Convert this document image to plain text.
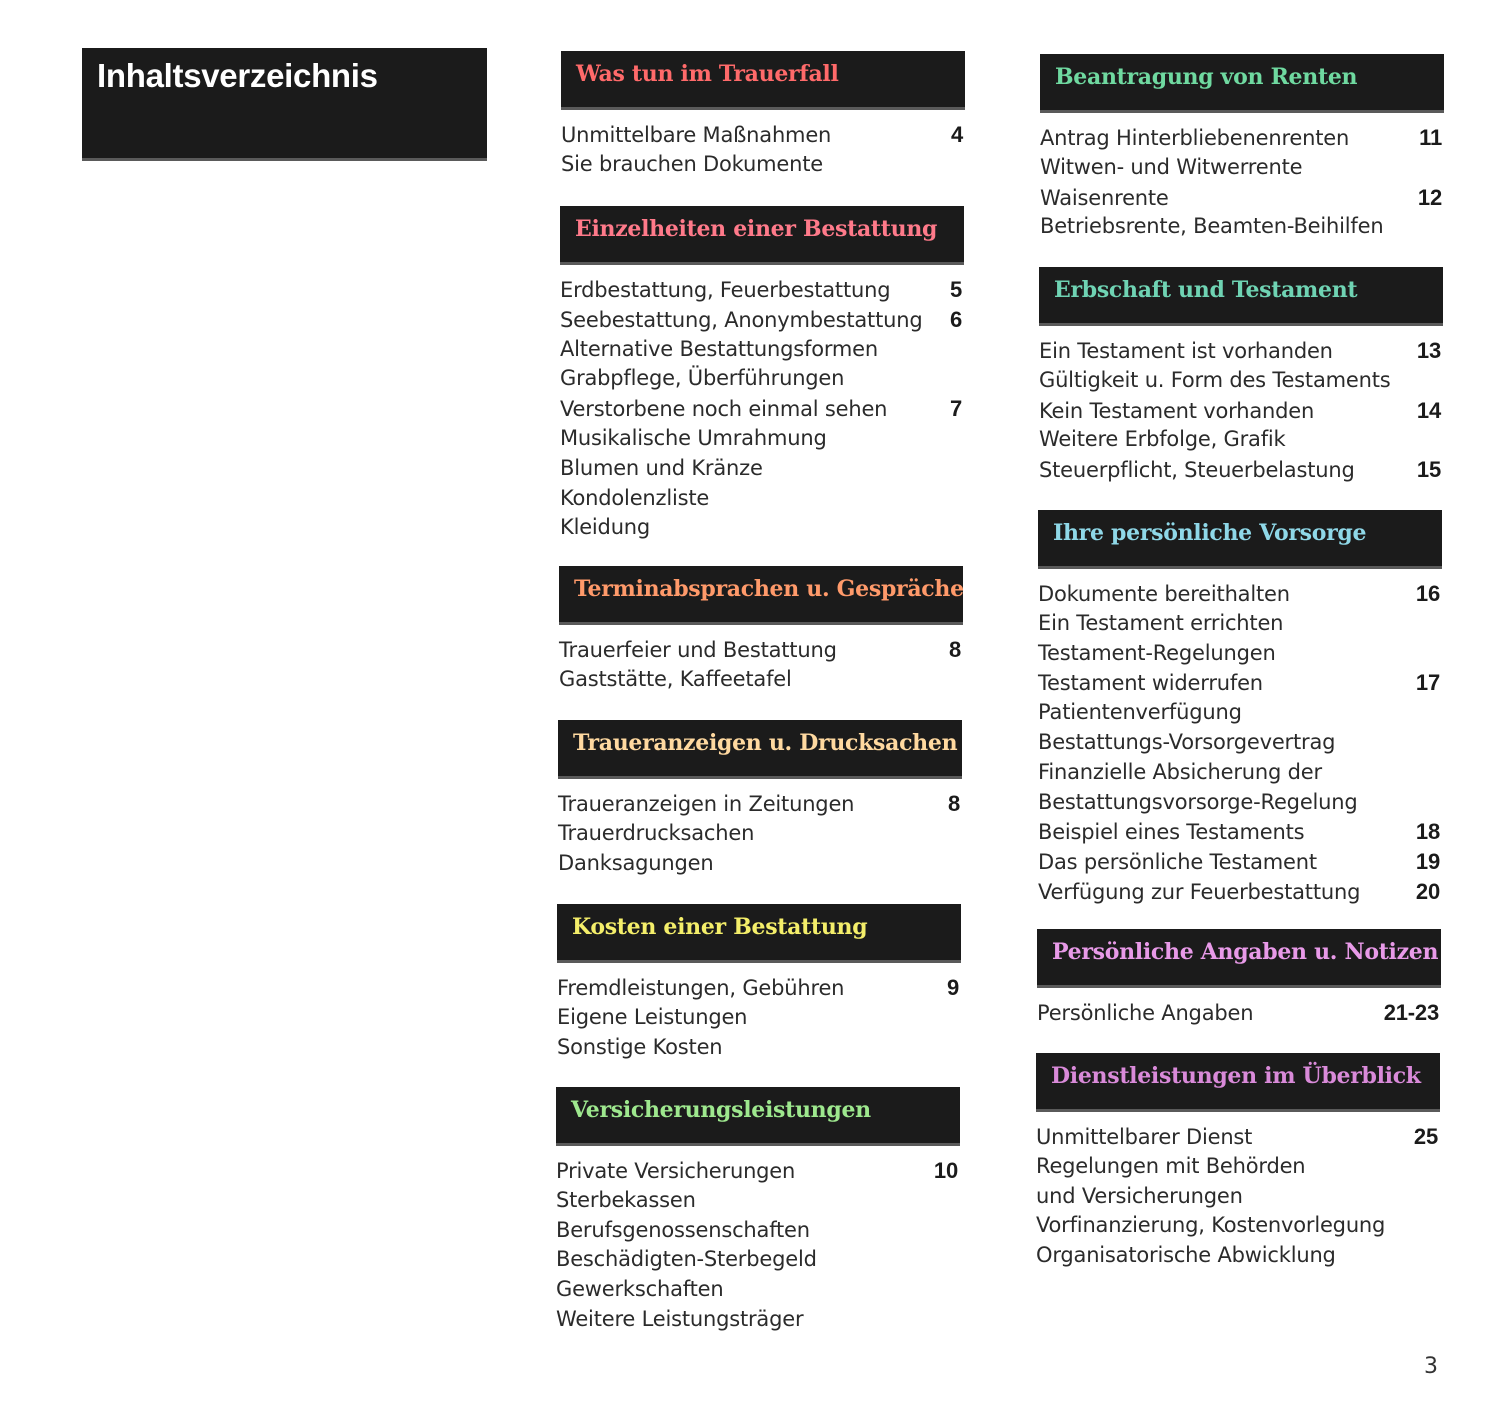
Inhaltsverzeichnis	Was tun im Trauerfall
Unmittelbare Maßnahmen	4
Sie brauchen Dokumente
Einzelheiten einer Bestattung
Erdbestattung, Feuerbestattung	5
Seebestattung, Anonymbestattung 6
Alternative Bestattungsformen
Grabpflege, Überführungen
Verstorbene noch einmal sehen	7
Musikalische Umrahmung
Blumen und Kränze
Kondolenzliste
Kleidung
Terminabsprachen u. Gespräche
Trauerfeier und Bestattung	8
Gaststätte, Kaffeetafel
Traueranzeigen u. Drucksachen
Traueranzeigen in Zeitungen	8
Trauerdrucksachen
Danksagungen
Kosten einer Bestattung
Fremdleistungen, Gebühren	9
Eigene Leistungen
Sonstige Kosten
Versicherungsleistungen
Private Versicherungen	10
Sterbekassen
Berufsgenossenschaften
Beschädigten-Sterbegeld
Gewerkschaften
Weitere Leistungsträger
Beantragung von Renten
Antrag Hinterbliebenenrenten	11
Witwen- und Witwerrente
Waisenrente	12
Betriebsrente, Beamten-Beihilfen
Erbschaft und Testament
Ein Testament ist vorhanden	13
Gültigkeit u. Form des Testaments
Kein Testament vorhanden	14
Weitere Erbfolge, Grafik
Steuerpflicht, Steuerbelastung	15
Ihre persönliche Vorsorge
Dokumente bereithalten	16
Ein Testament errichten
Testament-Regelungen
Testament widerrufen	17
Patientenverfügung
Bestattungs-Vorsorgevertrag
Finanzielle Absicherung der
Bestattungsvorsorge-Regelung
Beispiel eines Testaments	18
Das persönliche Testament	19
Verfügung zur Feuerbestattung	20
Persönliche Angaben u. Notizen
Persönliche Angaben	21-23
Dienstleistungen im Überblick
Unmittelbarer Dienst	25
Regelungen mit Behörden
und Versicherungen
Vorfinanzierung, Kostenvorlegung
Organisatorische Abwicklung
3
